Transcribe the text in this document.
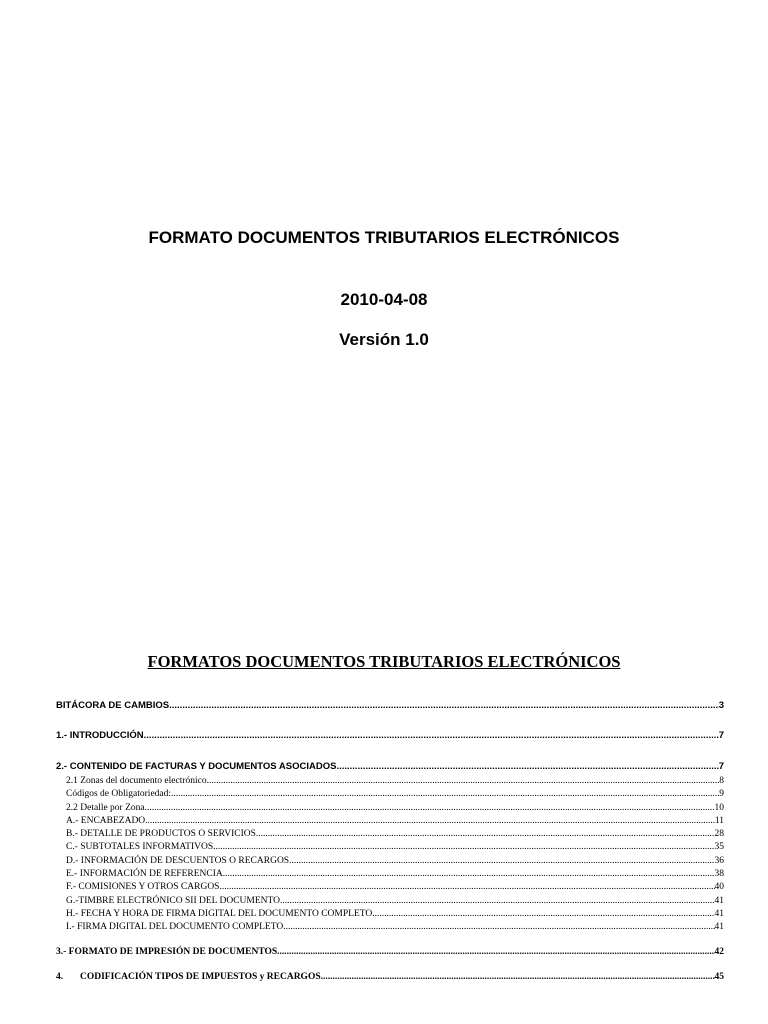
FORMATO DOCUMENTOS TRIBUTARIOS ELECTRÓNICOS
2010-04-08
Versión 1.0
FORMATOS DOCUMENTOS TRIBUTARIOS ELECTRÓNICOS
BITÁCORA DE CAMBIOS .....	3
1.- INTRODUCCIÓN .....	7
2.- CONTENIDO DE FACTURAS Y DOCUMENTOS ASOCIADOS. .....	7
2.1 Zonas del documento electrónico .....	8
Códigos de Obligatoriedad: .....	9
2.2 Detalle por Zona .....	10
A.- ENCABEZADO. .....	11
B.- DETALLE DE PRODUCTOS O SERVICIOS .....	28
C.- SUBTOTALES INFORMATIVOS .....	35
D.- INFORMACIÓN DE DESCUENTOS O RECARGOS .....	36
E.- INFORMACIÓN DE REFERENCIA .....	38
F.- COMISIONES Y OTROS CARGOS .....	40
G.-TIMBRE ELECTRÓNICO SII DEL DOCUMENTO. .....	41
H.- FECHA Y HORA DE FIRMA DIGITAL DEL DOCUMENTO COMPLETO. .....	41
I.- FIRMA DIGITAL DEL DOCUMENTO COMPLETO. .....	41
3.- FORMATO DE IMPRESIÓN DE DOCUMENTOS .....	42
4. CODIFICACIÓN TIPOS DE IMPUESTOS y RECARGOS .....	45
